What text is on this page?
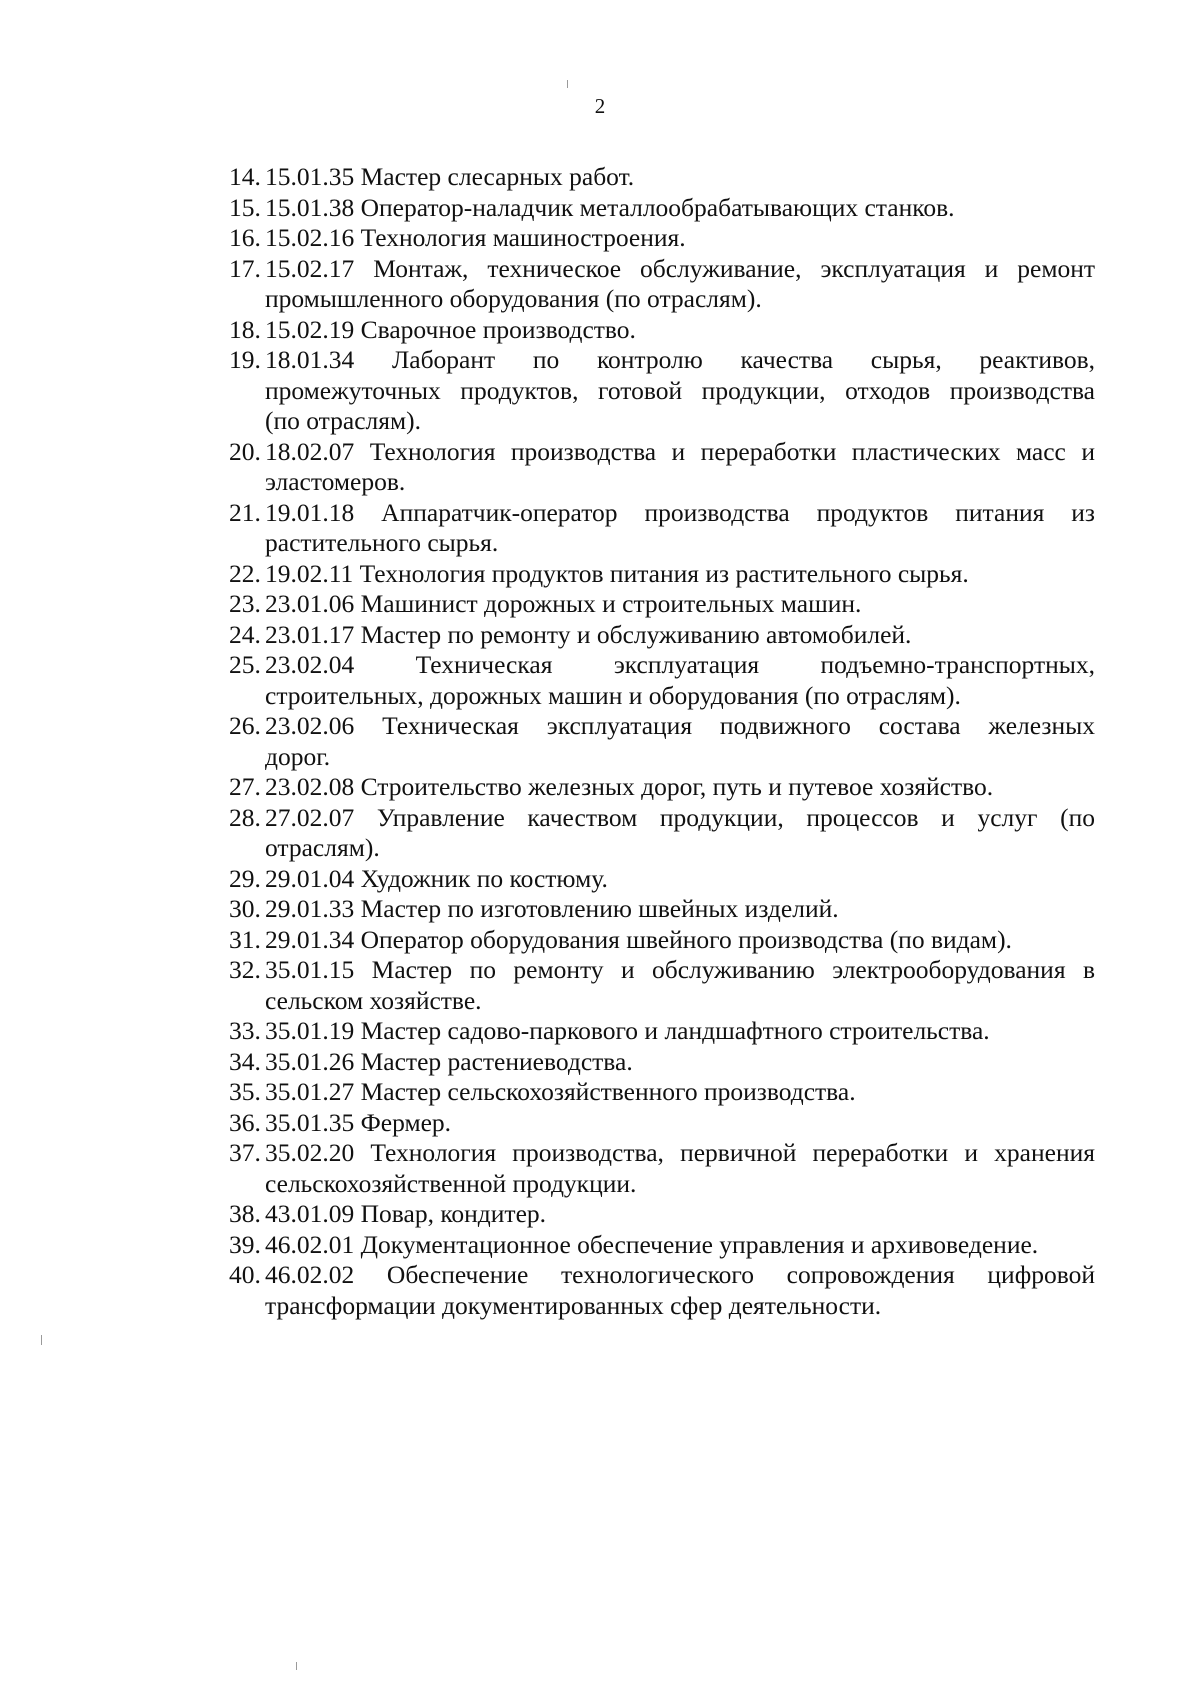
2
14. 15.01.35 Мастер слесарных работ.
15. 15.01.38 Оператор-наладчик металлообрабатывающих станков.
16. 15.02.16 Технология машиностроения.
17. 15.02.17 Монтаж, техническое обслуживание, эксплуатация и ремонт
промышленного оборудования (по отраслям).
18. 15.02.19 Сварочное производство.
19. 18.01.34 Лаборант по контролю качества сырья, реактивов,
промежуточных продуктов, готовой продукции, отходов производства
(по отраслям).
20. 18.02.07 Технология производства и переработки пластических масс и
эластомеров.
21. 19.01.18 Аппаратчик-оператор производства продуктов питания из
растительного сырья.
22. 19.02.11 Технология продуктов питания из растительного сырья.
23. 23.01.06 Машинист дорожных и строительных машин.
24. 23.01.17 Мастер по ремонту и обслуживанию автомобилей.
25. 23.02.04 Техническая эксплуатация подъемно-транспортных,
строительных, дорожных машин и оборудования (по отраслям).
26. 23.02.06 Техническая эксплуатация подвижного состава железных
дорог.
27. 23.02.08 Строительство железных дорог, путь и путевое хозяйство.
28. 27.02.07 Управление качеством продукции, процессов и услуг (по
отраслям).
29. 29.01.04 Художник по костюму.
30. 29.01.33 Мастер по изготовлению швейных изделий.
31. 29.01.34 Оператор оборудования швейного производства (по видам).
32. 35.01.15 Мастер по ремонту и обслуживанию электрооборудования в
сельском хозяйстве.
33. 35.01.19 Мастер садово-паркового и ландшафтного строительства.
34. 35.01.26 Мастер растениеводства.
35. 35.01.27 Мастер сельскохозяйственного производства.
36. 35.01.35 Фермер.
37. 35.02.20 Технология производства, первичной переработки и хранения
сельскохозяйственной продукции.
38. 43.01.09 Повар, кондитер.
39. 46.02.01 Документационное обеспечение управления и архивоведение.
40. 46.02.02 Обеспечение технологического сопровождения цифровой
трансформации документированных сфер деятельности.
